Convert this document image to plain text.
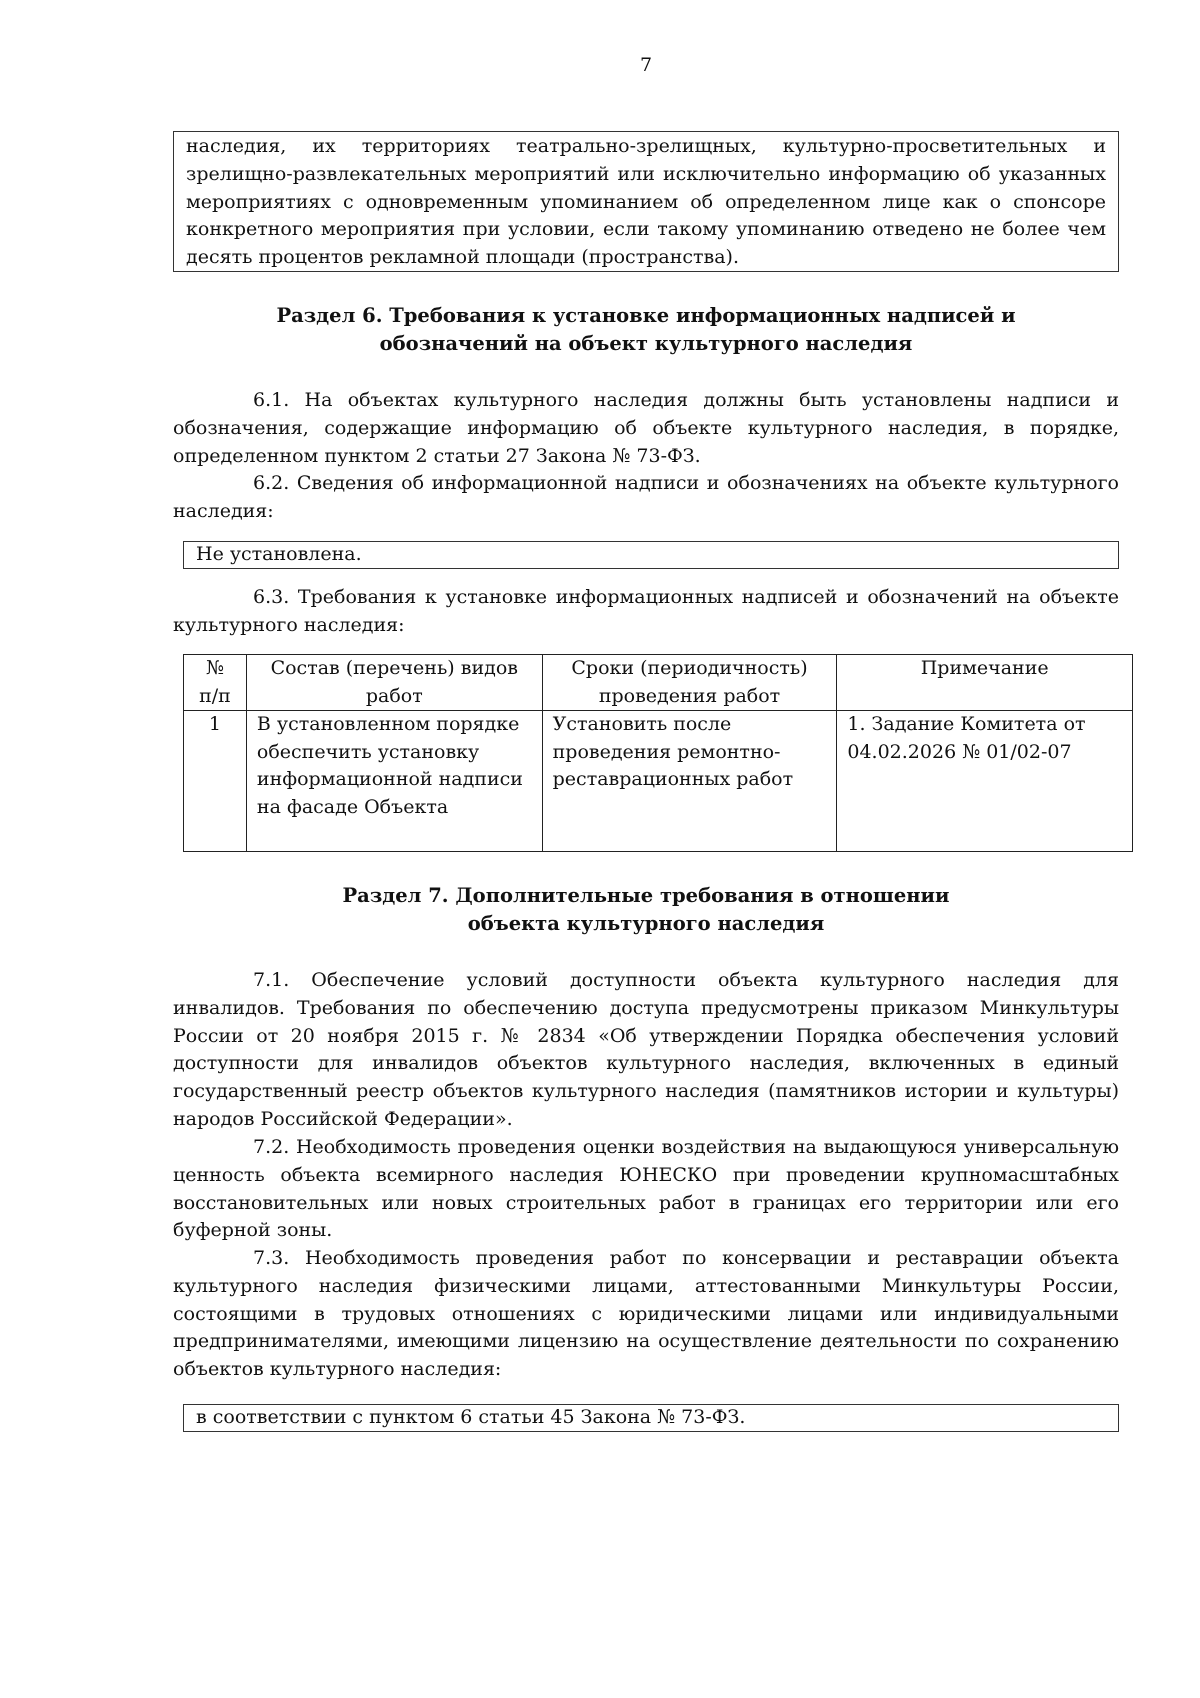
7
наследия, их территориях театрально-зрелищных, культурно-просветительных и зрелищно-развлекательных мероприятий или исключительно информацию об указанных мероприятиях с одновременным упоминанием об определенном лице как о спонсоре конкретного мероприятия при условии, если такому упоминанию отведено не более чем десять процентов рекламной площади (пространства).
Раздел 6. Требования к установке информационных надписей и
обозначений на объект культурного наследия

6.1. На объектах культурного наследия должны быть установлены надписи и обозначения, содержащие информацию об объекте культурного наследия, в порядке, определенном пунктом 2 статьи 27 Закона № 73-ФЗ.

6.2. Сведения об информационной надписи и обозначениях на объекте культурного наследия:

Не установлена.

6.3. Требования к установке информационных надписей и обозначений на объекте культурного наследия:

№ п/п	Состав (перечень) видов работ	Сроки (периодичность) проведения работ	Примечание
1	В установленном порядке обеспечить установку информационной надписи на фасаде Объекта	Установить после проведения ремонтно-реставрационных работ	1. Задание Комитета от 04.02.2026 № 01/02-07
Раздел 7. Дополнительные требования в отношении
объекта культурного наследия

7.1. Обеспечение условий доступности объекта культурного наследия для инвалидов. Требования по обеспечению доступа предусмотрены приказом Минкультуры России от 20 ноября 2015 г. № 2834 «Об утверждении Порядка обеспечения условий доступности для инвалидов объектов культурного наследия, включенных в единый государственный реестр объектов культурного наследия (памятников истории и культуры) народов Российской Федерации».

7.2. Необходимость проведения оценки воздействия на выдающуюся универсальную ценность объекта всемирного наследия ЮНЕСКО при проведении крупномасштабных восстановительных или новых строительных работ в границах его территории или его буферной зоны.

7.3. Необходимость проведения работ по консервации и реставрации объекта культурного наследия физическими лицами, аттестованными Минкультуры России, состоящими в трудовых отношениях с юридическими лицами или индивидуальными предпринимателями, имеющими лицензию на осуществление деятельности по сохранению объектов культурного наследия:

в соответствии с пунктом 6 статьи 45 Закона № 73-ФЗ.
